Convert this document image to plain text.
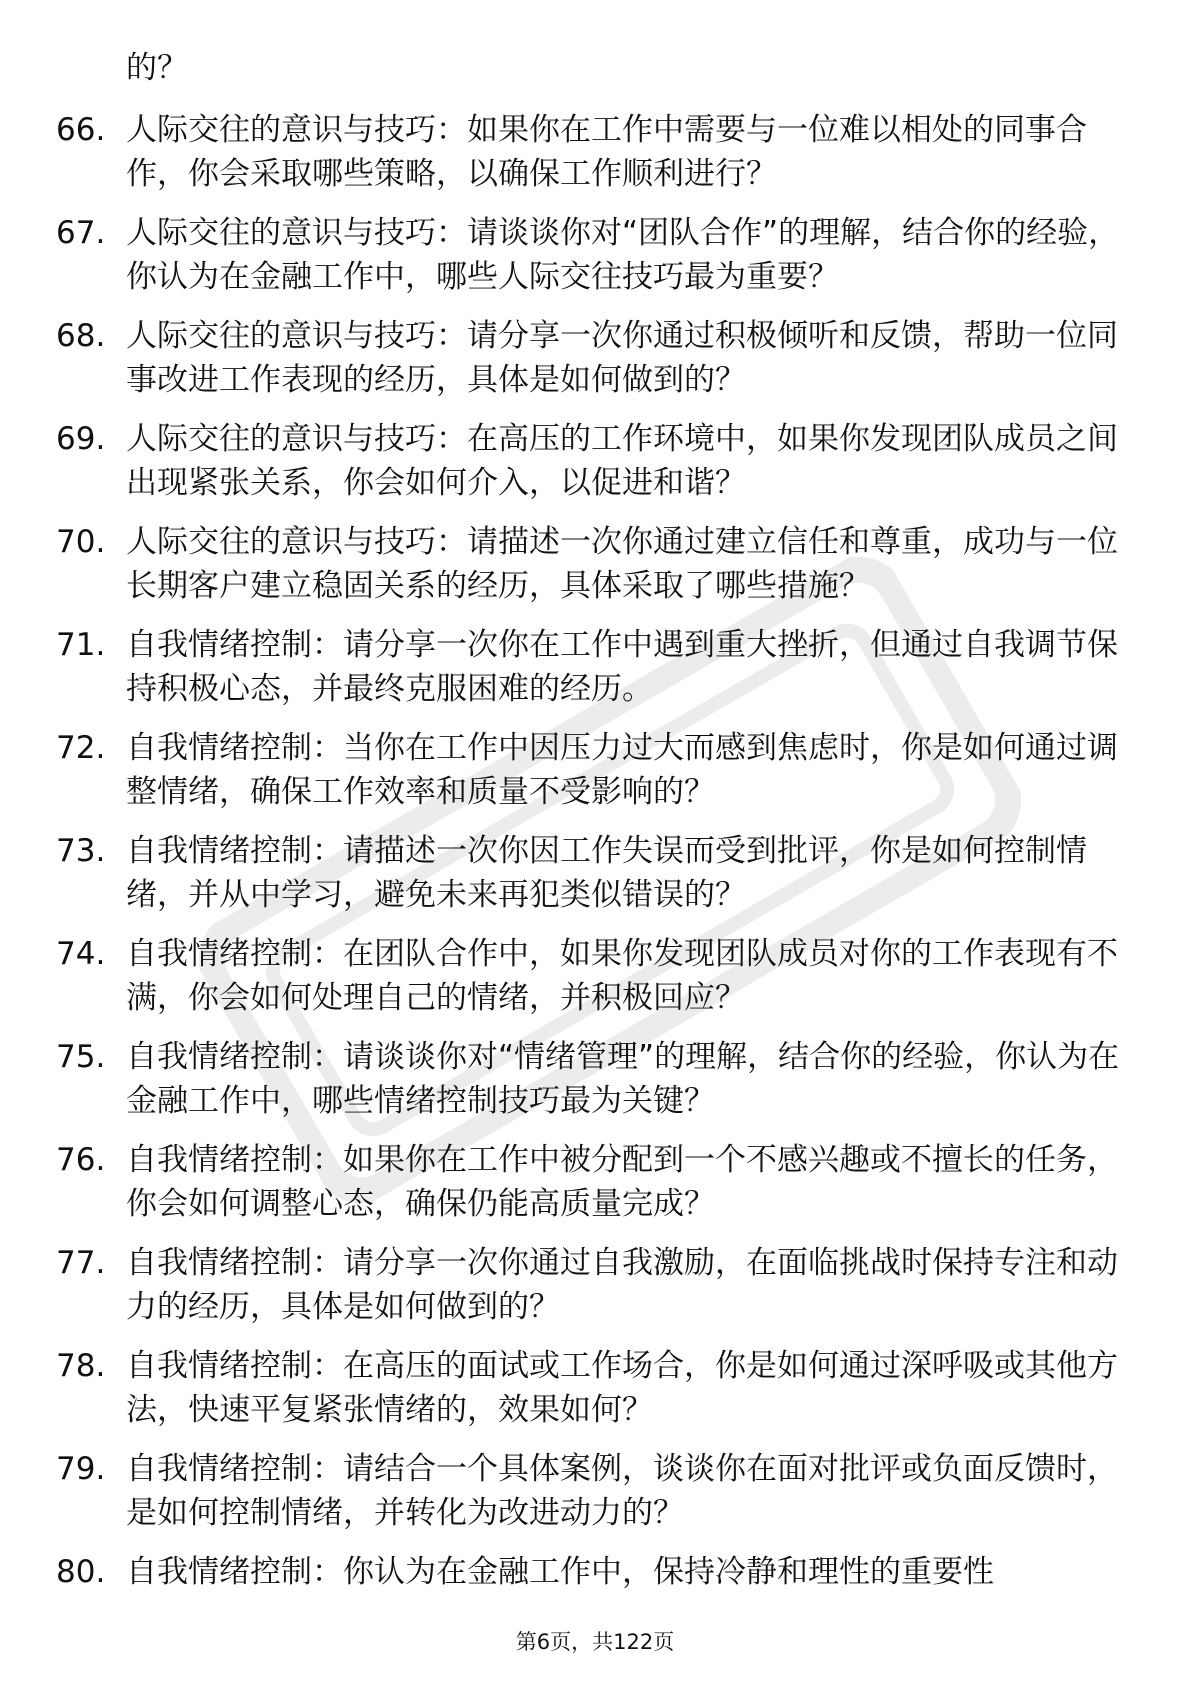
的？

66. 人际交往的意识与技巧：如果你在工作中需要与一位难以相处的同事合作，你会采取哪些策略，以确保工作顺利进行？

67. 人际交往的意识与技巧：请谈谈你对“团队合作”的理解，结合你的经验，你认为在金融工作中，哪些人际交往技巧最为重要？

68. 人际交往的意识与技巧：请分享一次你通过积极倾听和反馈，帮助一位同事改进工作表现的经历，具体是如何做到的？

69. 人际交往的意识与技巧：在高压的工作环境中，如果你发现团队成员之间出现紧张关系，你会如何介入，以促进和谐？

70. 人际交往的意识与技巧：请描述一次你通过建立信任和尊重，成功与一位长期客户建立稳固关系的经历，具体采取了哪些措施？

71. 自我情绪控制：请分享一次你在工作中遇到重大挫折，但通过自我调节保持积极心态，并最终克服困难的经历。

72. 自我情绪控制：当你在工作中因压力过大而感到焦虑时，你是如何通过调整情绪，确保工作效率和质量不受影响的？

73. 自我情绪控制：请描述一次你因工作失误而受到批评，你是如何控制情绪，并从中学习，避免未来再犯类似错误的？

74. 自我情绪控制：在团队合作中，如果你发现团队成员对你的工作表现有不满，你会如何处理自己的情绪，并积极回应？

75. 自我情绪控制：请谈谈你对“情绪管理”的理解，结合你的经验，你认为在金融工作中，哪些情绪控制技巧最为关键？

76. 自我情绪控制：如果你在工作中被分配到一个不感兴趣或不擅长的任务，你会如何调整心态，确保仍能高质量完成？

77. 自我情绪控制：请分享一次你通过自我激励，在面临挑战时保持专注和动力的经历，具体是如何做到的？

78. 自我情绪控制：在高压的面试或工作场合，你是如何通过深呼吸或其他方法，快速平复紧张情绪的，效果如何？

79. 自我情绪控制：请结合一个具体案例，谈谈你在面对批评或负面反馈时，是如何控制情绪，并转化为改进动力的？

80. 自我情绪控制：你认为在金融工作中，保持冷静和理性的重要性

第6页，共122页
